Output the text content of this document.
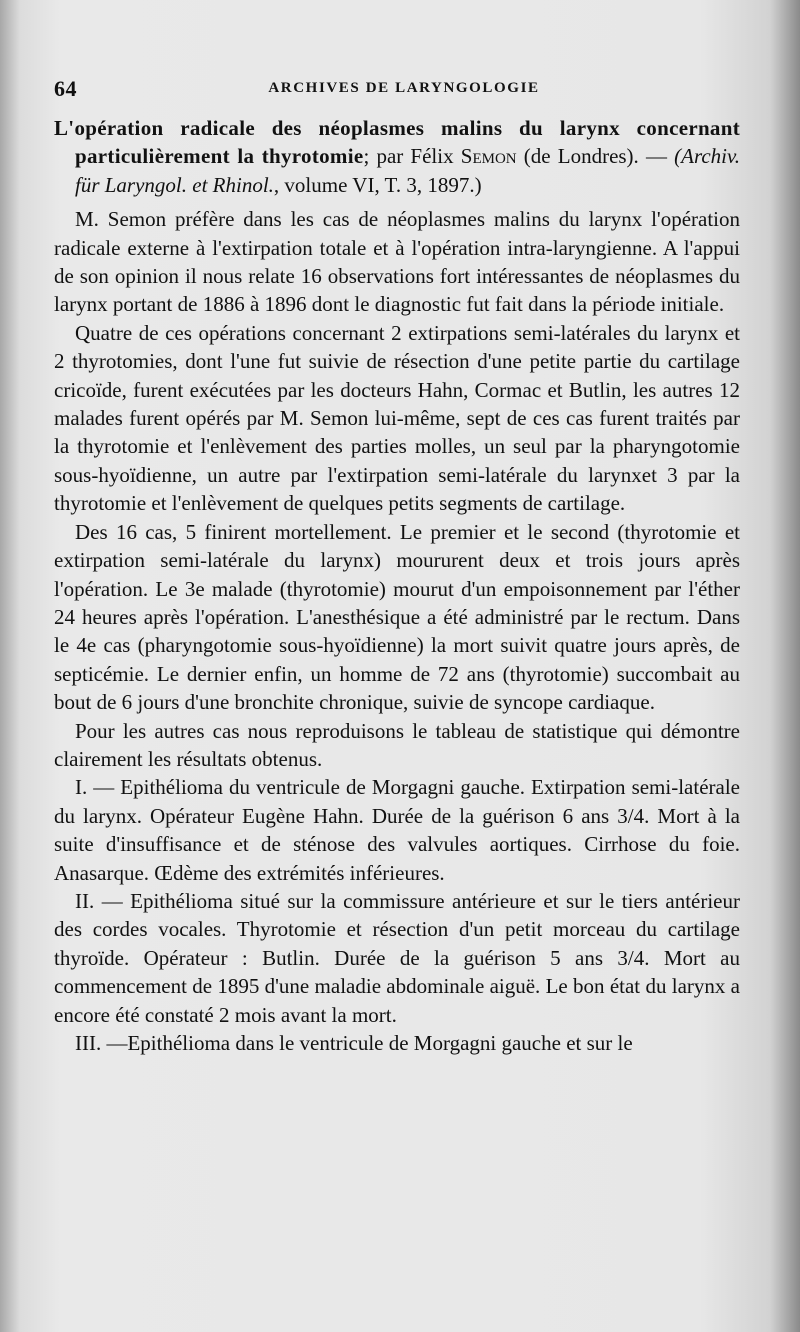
64	ARCHIVES DE LARYNGOLOGIE

L'opération radicale des néoplasmes malins du larynx concernant particulièrement la thyrotomie; par Félix Semon (de Londres). — (Archiv. für Laryngol. et Rhinol., volume VI, T. 3, 1897.)

M. Semon préfère dans les cas de néoplasmes malins du larynx l'opération radicale externe à l'extirpation totale et à l'opération intra-laryngienne. A l'appui de son opinion il nous relate 16 observations fort intéressantes de néoplasmes du larynx portant de 1886 à 1896 dont le diagnostic fut fait dans la période initiale.

Quatre de ces opérations concernant 2 extirpations semi-latérales du larynx et 2 thyrotomies, dont l'une fut suivie de résection d'une petite partie du cartilage cricoïde, furent exécutées par les docteurs Hahn, Cormac et Butlin, les autres 12 malades furent opérés par M. Semon lui-même, sept de ces cas furent traités par la thyrotomie et l'enlèvement des parties molles, un seul par la pharyngotomie sous-hyoïdienne, un autre par l'extirpation semi-latérale du larynxet 3 par la thyrotomie et l'enlèvement de quelques petits segments de cartilage.

Des 16 cas, 5 finirent mortellement. Le premier et le second (thyrotomie et extirpation semi-latérale du larynx) moururent deux et trois jours après l'opération. Le 3e malade (thyrotomie) mourut d'un empoisonnement par l'éther 24 heures après l'opération. L'anesthésique a été administré par le rectum. Dans le 4e cas (pharyngotomie sous-hyoïdienne) la mort suivit quatre jours après, de septicémie. Le dernier enfin, un homme de 72 ans (thyrotomie) succombait au bout de 6 jours d'une bronchite chronique, suivie de syncope cardiaque.

Pour les autres cas nous reproduisons le tableau de statistique qui démontre clairement les résultats obtenus.

I. — Epithélioma du ventricule de Morgagni gauche. Extirpation semi-latérale du larynx. Opérateur Eugène Hahn. Durée de la guérison 6 ans 3/4. Mort à la suite d'insuffisance et de sténose des valvules aortiques. Cirrhose du foie. Anasarque. Œdème des extrémités inférieures.

II. — Epithélioma situé sur la commissure antérieure et sur le tiers antérieur des cordes vocales. Thyrotomie et résection d'un petit morceau du cartilage thyroïde. Opérateur : Butlin. Durée de la guérison 5 ans 3/4. Mort au commencement de 1895 d'une maladie abdominale aiguë. Le bon état du larynx a encore été constaté 2 mois avant la mort.

III. —Epithélioma dans le ventricule de Morgagni gauche et sur le
